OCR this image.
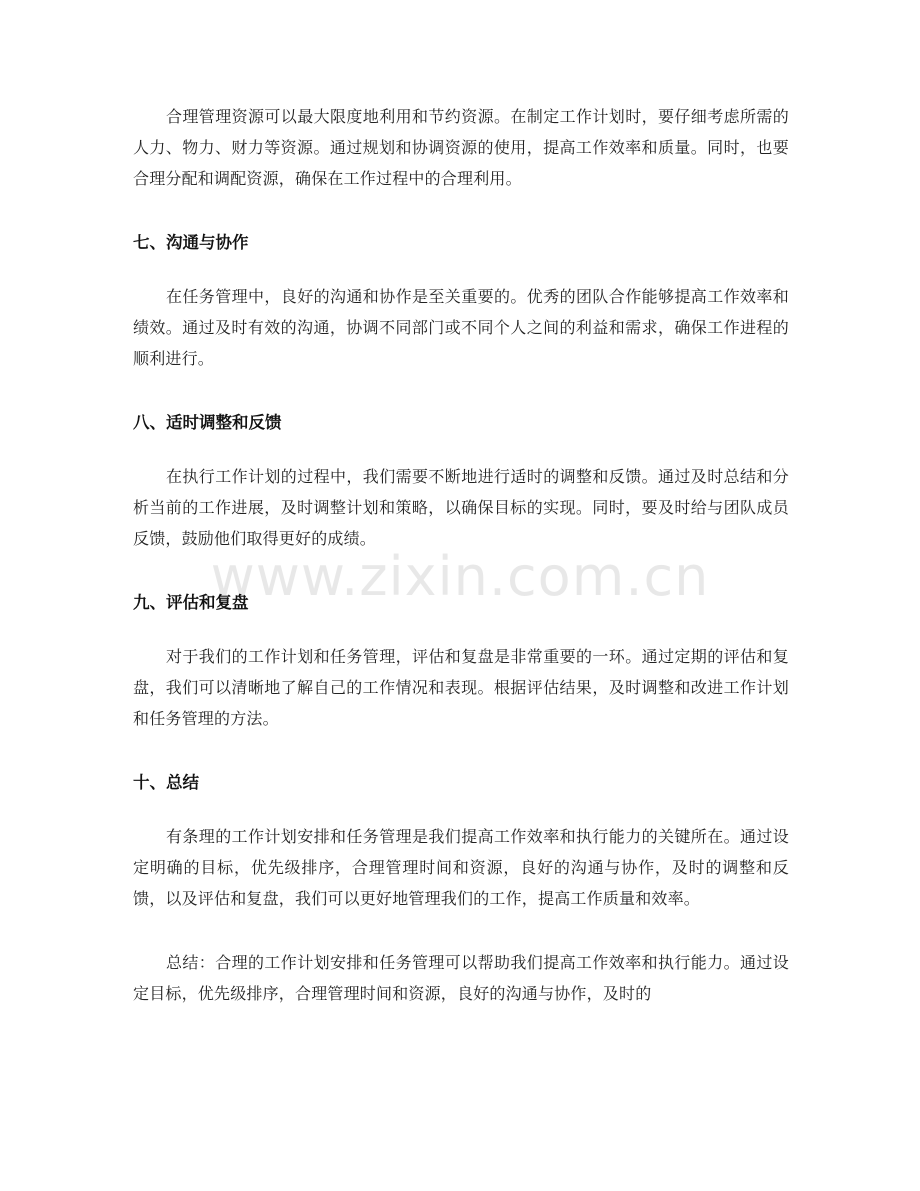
合理管理资源可以最大限度地利用和节约资源。在制定工作计划时，要仔细考虑所需的人力、物力、财力等资源。通过规划和协调资源的使用，提高工作效率和质量。同时，也要合理分配和调配资源，确保在工作过程中的合理利用。

七、沟通与协作

在任务管理中，良好的沟通和协作是至关重要的。优秀的团队合作能够提高工作效率和绩效。通过及时有效的沟通，协调不同部门或不同个人之间的利益和需求，确保工作进程的顺利进行。

八、适时调整和反馈

在执行工作计划的过程中，我们需要不断地进行适时的调整和反馈。通过及时总结和分析当前的工作进展，及时调整计划和策略，以确保目标的实现。同时，要及时给与团队成员反馈，鼓励他们取得更好的成绩。

九、评估和复盘

对于我们的工作计划和任务管理，评估和复盘是非常重要的一环。通过定期的评估和复盘，我们可以清晰地了解自己的工作情况和表现。根据评估结果，及时调整和改进工作计划和任务管理的方法。

十、总结

有条理的工作计划安排和任务管理是我们提高工作效率和执行能力的关键所在。通过设定明确的目标，优先级排序，合理管理时间和资源，良好的沟通与协作，及时的调整和反馈，以及评估和复盘，我们可以更好地管理我们的工作，提高工作质量和效率。

总结：合理的工作计划安排和任务管理可以帮助我们提高工作效率和执行能力。通过设定目标，优先级排序，合理管理时间和资源，良好的沟通与协作，及时的

www.zixin.com.cn
